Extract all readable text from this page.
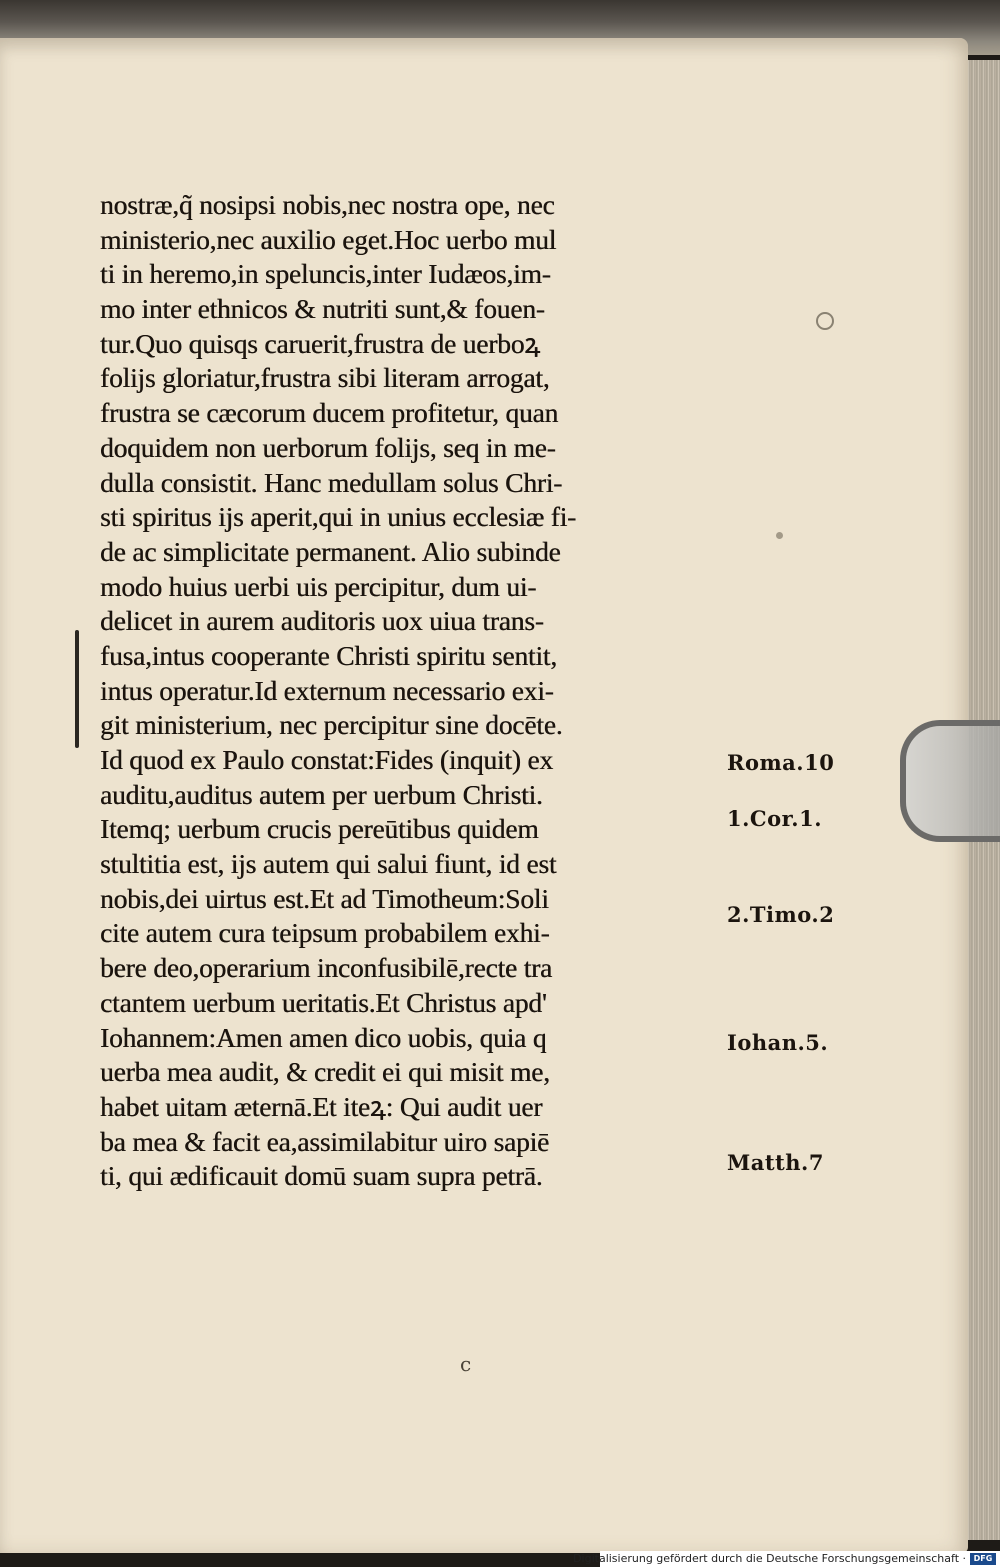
nostræ,q̃ nosipsi nobis,nec nostra ope, nec
ministerio,nec auxilio eget.Hoc uerbo mul
ti in heremo,in speluncis,inter Iudæos,im-
mo inter ethnicos & nutriti sunt,& fouen-
tur.Quo quisqs caruerit,frustra de uerboꝝ
folijs gloriatur,frustra sibi literam arrogat,
frustra se cæcorum ducem profitetur, quan
doquidem non uerborum folijs, seq in me-
dulla consistit. Hanc medullam solus Chri-
sti spiritus ijs aperit,qui in unius ecclesiæ fi-
de ac simplicitate permanent. Alio subinde
modo huius uerbi uis percipitur, dum ui-
delicet in aurem auditoris uox uiua trans-
fusa,intus cooperante Christi spiritu sentit,
intus operatur.Id externum necessario exi-
git ministerium, nec percipitur sine docēte.
Id quod ex Paulo constat:Fides (inquit) ex
auditu,auditus autem per uerbum Christi.
Itemq; uerbum crucis pereūtibus quidem
stultitia est, ijs autem qui salui fiunt, id est
nobis,dei uirtus est.Et ad Timotheum:Soli
cite autem cura teipsum probabilem exhi-
bere deo,operarium inconfusibilē,recte tra
ctantem uerbum ueritatis.Et Christus apd'
Iohannem:Amen amen dico uobis, quia q
uerba mea audit, & credit ei qui misit me,
habet uitam æternā.Et iteꝝ: Qui audit uer
ba mea & facit ea,assimilabitur uiro sapiē
ti, qui ædificauit domū suam supra petrā.
Roma.10
1.Cor.1.
2.Timo.2
Iohan.5.
Matth.7
c
Digitalisierung gefördert durch die Deutsche Forschungsgemeinschaft · DFG
